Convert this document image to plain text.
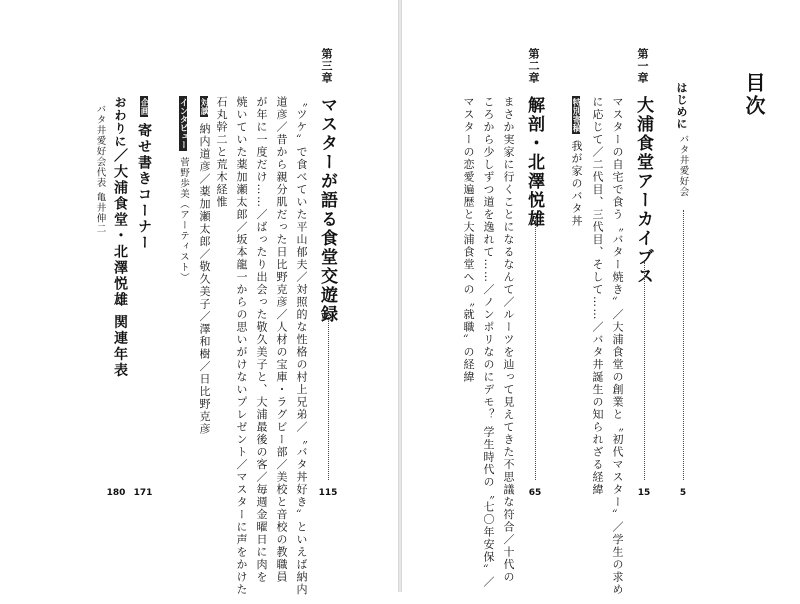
目次
はじめに
バタ井愛好会
5
第一章
大浦食堂アーカイブス
15
マスターの自宅で食う〝バター焼き〟／大浦食堂の創業と〝初代マスター〟／学生の求め
に応じて／二代目、三代目、そして……／バタ井誕生の知られざる経緯
特別寄稿我が家のバタ丼
第二章
解剖・北澤悦雄
65
まさか実家に行くことになるなんて／ルーツを辿って見えてきた不思議な符合／十代の
ころから少しずつ道を逸れて……／ノンポリなのにデモ？ 学生時代の〝七〇年安保〟／
マスターの恋愛遍歴と大浦食堂への〝就職〟の経緯
第三章
マスターが語る食堂交遊録
115
〝ツケ〟で食べていた平山郁夫／対照的な性格の村上兄弟／〝バタ丼好き〟といえば納内
道彦／昔から親分肌だった日比野克彦／人材の宝庫・ラグビー部／美校と音校の教職員
が年に一度だけ……／ばったり出会った敬久美子と、大浦最後の客／毎週金曜日に肉を
焼いていた薬加瀬太郎／坂本龍一からの思いがけないプレゼント／マスターに声をかけた
石丸幹二と荒木経惟
対談納内道彦／薬加瀬太郎／敬久美子／澤和樹／日比野克彦
インタビュー菅野歩美（アーティスト）
企画寄せ書きコーナー
171
おわりに／大浦食堂・北澤悦雄 関連年表
バタ井愛好会代表 亀井伸二
180
